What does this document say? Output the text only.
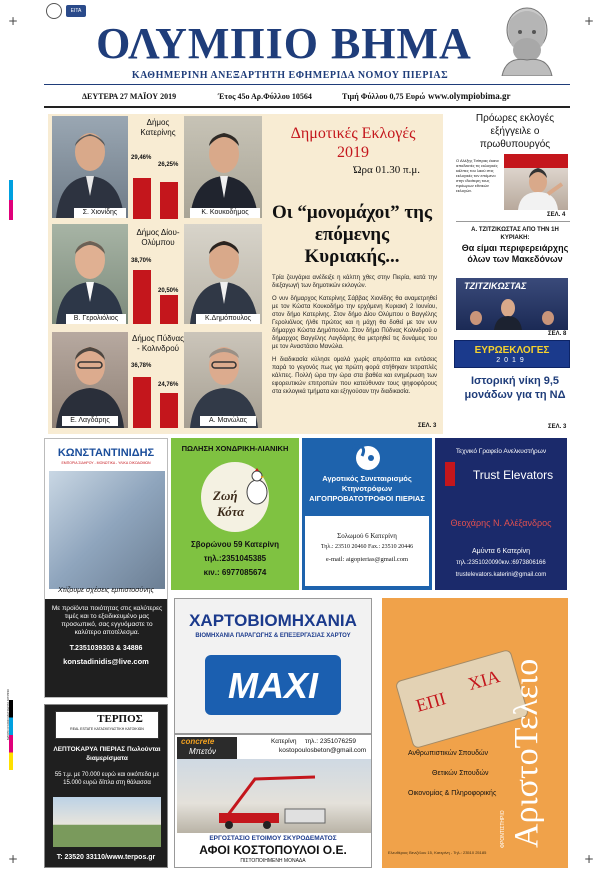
+	+
+	+
ΜΑΥΡΟ ΚΥΑΝΟ ΜΑΤΖΕΝΤΑ ΚΙΤΡΙΝΟ
ΕΙΤΑ
ΟΛΥΜΠΙΟ ΒΗΜΑ
ΚΑΘΗΜΕΡΙΝΗ ΑΝΕΞΑΡΤΗΤΗ ΕΦΗΜΕΡΙΔΑ ΝΟΜΟΥ ΠΙΕΡΙΑΣ
ΔΕΥΤΕΡΑ 27 ΜΑΪΟΥ 2019	Έτος 45ο Αρ.Φύλλου 10564	Τιμή Φύλλου 0,75 Ευρώ www.olympiobima.gr
Σ. Χιονίδης
Δήμος Κατερίνης
29,46%
26,25%
Κ. Κουκοδήμος
Β. Γερολιόλιος
Δήμος Δίου-Ολύμπου
38,70%
20,50%
Κ.Δημόπουλος
Ε. Λαγδάρης
Δήμος Πύδνας - Κολινδρού
36,78%
24,76%
Α. Μανώλας
Δημοτικές Εκλογές 2019
Ώρα 01.30 π.μ.
Οι “μονομάχοι” της επόμενης Κυριακής...

Τρία ζευγάρια ανέδειξε η κάλπη χθες στην Πιερία, κατά την διεξαγωγή των δημοτικών εκλογών.

Ο νυν δήμαρχος Κατερίνης Σάββας Χιονίδης θα αναμετρηθεί με τον Κώστα Κουκοδήμο την ερχόμενη Κυριακή 2 Ιουνίου, στον δήμο Κατερίνης. Στον δήμο Δίου Ολύμπου ο Βαγγέλης Γερολιόλιος ήλθε πρώτος και η μάχη θα δοθεί με τον νυν δήμαρχο Κώστα Δημόπουλο. Στον δήμο Πύδνας Κολινδρού ο δήμαρχος Βαγγέλης Λαγδάρης θα μετρηθεί τις δυνάμεις του με τον Αναστάσιο Μανώλα.

Η διαδικασία κύλησε ομαλά χωρίς απρόοπτα και εντάσεις παρά το γεγονός πως για πρώτη φορά στήθηκαν τετραπλές κάλπες. Πολλή ώρα την ώρα στα βαθέα και ενημέρωση των εφορευτικών επιτροπών που κατεύθυναν τους ψηφοφόρους στα εκλογικά τμήματα και εξηγούσαν την διαδικασία.

ΣΕΛ. 3
Πρόωρες εκλογές εξήγγειλε ο πρωθυπουργός
Ο Αλέξης Τσίπρας έκανε αποδεκτές τις εκλογικές κάλπες του λαού στις εκλογικές τον επόμενο στην ιδιαίτερη τους πρόωρων εθνικών εκλογών.
ΣΕΛ. 4
Α. ΤΖΙΤΖΙΚΩΣΤΑΣ ΑΠΟ ΤΗΝ 1Η ΚΥΡΙΑΚΗ:
Θα είμαι περιφερειάρχης όλων των Μακεδόνων
ΤΖΙΤΖΙΚΩΣΤΑΣ
ΣΕΛ. 8
ΕΥΡΩΕΚΛΟΓΕΣ
2019
Ιστορική νίκη 9,5 μονάδων για τη ΝΔ
ΣΕΛ. 3
ΚΩΝΣΤΑΝΤΙΝΙΔΗΣ
ΕΜΠΟΡΙΑ ΣΙΔΗΡΟΥ - ΜΟΝΩΤΙΚΑ - ΥΛΙΚΑ ΟΙΚΟΔΟΜΩΝ
Χτίζουμε σχέσεις εμπιστοσύνης
Με προϊόντα ποιότητας στις καλύτερες τιμές και το εξειδικευμένο μας προσωπικό, σας εγγυόμαστε το καλύτερο αποτέλεσμα.
Τ.2351039303 & 34886
konstadinidis@live.com
ΠΩΛΗΣΗ ΧΟΝΔΡΙΚΗ-ΛΙΑΝΙΚΗ
Ζωή
Κότα
Σβορώνου 59 Κατερίνη
τηλ.:2351045385
κιν.: 6977085674
Αγροτικός Συνεταιρισμός Κτηνοτρόφων ΑΙΓΟΠΡΟΒΑΤΟΤΡΟΦΟΙ ΠΙΕΡΙΑΣ
Σολωμού 6 Κατερίνη
Τηλ.: 23510 20460 Fax.: 23510 20446
e-mail: aigopierias@gmail.com
Τεχνικό Γραφείο Ανελκυστήρων
Trust Elevators
Θεοχάρης Ν. Αλέξανδρος
Αμύντα 6 Κατερίνη
τηλ.:2351020090κιν.:6973806166
trustelevators.katerini@gmail.com
ΤΕΡΠΟΣ
REAL ESTATE ΚΑΤΑΣΚΕΥΑΣΤΙΚΗ ΚΑΤΟΙΚΙΩΝ
ΛΕΠΤΟΚΑΡΥΑ ΠΙΕΡΙΑΣ Πωλούνται διαμερίσματα
55 τ.μ. με 70.000 ευρώ και οικόπεδα με 15.000 ευρώ δίπλα στη θάλασσα
Τ: 23520 33110/www.terpos.gr
ΧΑΡΤΟΒΙΟΜΗΧΑΝΙΑ
ΒΙΟΜΗΧΑΝΙΑ ΠΑΡΑΓΩΓΗΣ & ΕΠΕΞΕΡΓΑΣΙΑΣ ΧΑΡΤΟΥ
MAXI
concrete
Μπετόν
Κατερίνη τηλ.: 2351076259
kostopoulosbeton@gmail.com
ΕΡΓΟΣΤΑΣΙΟ ΕΤΟΙΜΟΥ ΣΚΥΡΟΔΕΜΑΤΟΣ
ΑΦΟΙ ΚΟΣΤΟΠΟΥΛΟΙ Ο.Ε.
ΠΙΣΤΟΠΟΙΗΜΕΝΗ ΜΟΝΑΔΑ
ΕΠΙ
ΧΙΑ ΑριστοΤελειο
ΦΡΟΝΤΙΣΤΗΡΙΟ
Ανθρωπιστικών Σπουδών
Θετικών Σπουδών
Οικονομίας & Πληροφορικής
Ελευθέριος Βενιζέλου 15, Κατερίνη - Τηλ.: 23510 25185
